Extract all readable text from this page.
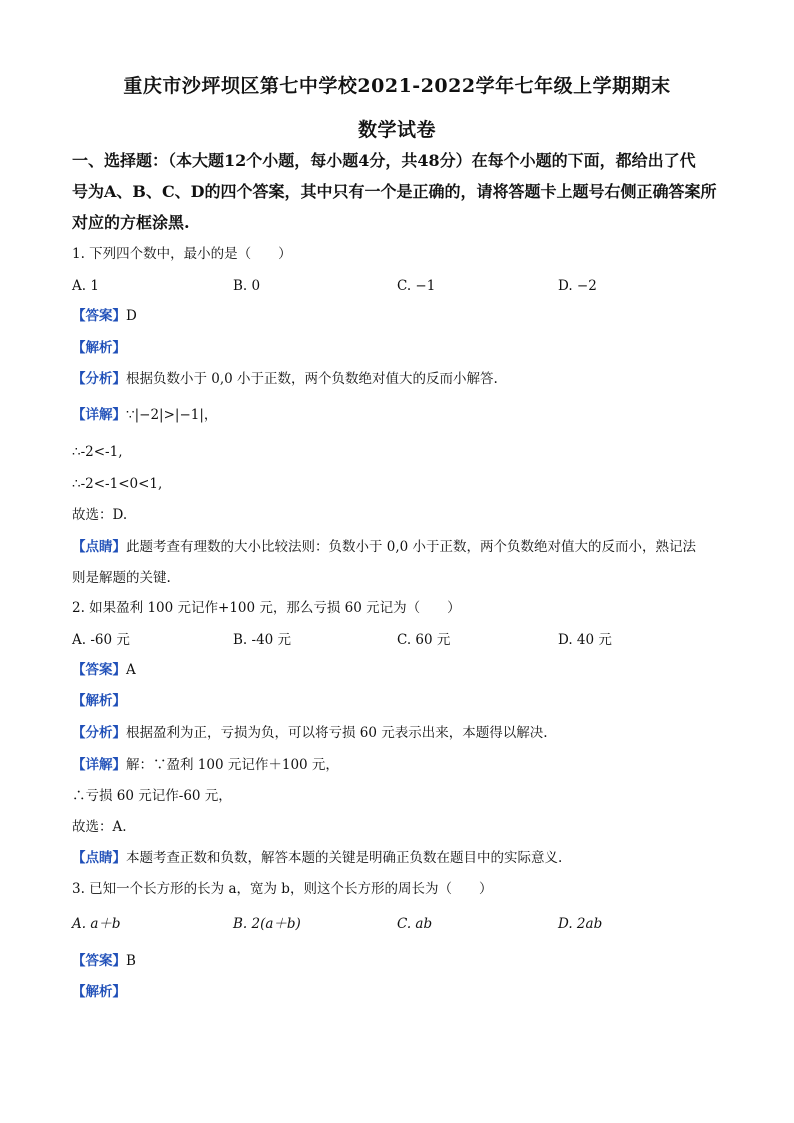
重庆市沙坪坝区第七中学校2021-2022学年七年级上学期期末
数学试卷
一、选择题：（本大题12个小题，每小题4分，共48分）在每个小题的下面，都给出了代
号为A、B、C、D的四个答案，其中只有一个是正确的，请将答题卡上题号右侧正确答案所
对应的方框涂黑.
1. 下列四个数中，最小的是（　　）
A. 1	B. 0	C. −1	D. −2
【答案】D
【解析】
【分析】根据负数小于 0,0 小于正数，两个负数绝对值大的反而小解答.
【详解】∵|−2|>|−1|，
∴-2<-1,
∴-2<-1<0<1,
故选：D.
【点睛】此题考查有理数的大小比较法则：负数小于 0,0 小于正数，两个负数绝对值大的反而小，熟记法
则是解题的关键.
2. 如果盈利 100 元记作+100 元，那么亏损 60 元记为（　　）
A. -60 元	B. -40 元	C. 60 元	D. 40 元
【答案】A
【解析】
【分析】根据盈利为正，亏损为负，可以将亏损 60 元表示出来，本题得以解决.
【详解】解：∵盈利 100 元记作＋100 元，
∴亏损 60 元记作-60 元，
故选：A.
【点睛】本题考查正数和负数，解答本题的关键是明确正负数在题目中的实际意义.
3. 已知一个长方形的长为 a，宽为 b，则这个长方形的周长为（　　）
A. a＋b	B. 2(a＋b)	C. ab	D. 2ab
【答案】B
【解析】
